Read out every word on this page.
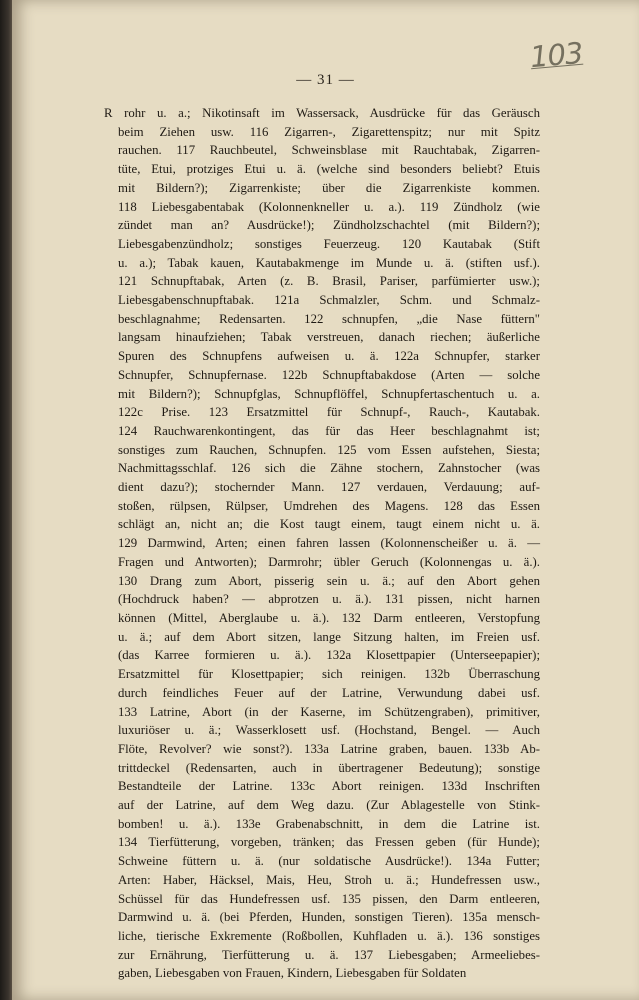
— 31 —
103
R rohr u. a.; Nikotinsaft im Wassersack, Ausdrücke für das Geräusch
beim Ziehen usw. 116 Zigarren-, Zigarettenspitz; nur mit Spitz
rauchen. 117 Rauchbeutel, Schweinsblase mit Rauchtabak, Zigarren-
tüte, Etui, protziges Etui u. ä. (welche sind besonders beliebt? Etuis
mit Bildern?); Zigarrenkiste; über die Zigarrenkiste kommen.
118 Liebesgabentabak (Kolonnenkneller u. a.). 119 Zündholz (wie
zündet man an? Ausdrücke!); Zündholzschachtel (mit Bildern?);
Liebesgabenzündholz; sonstiges Feuerzeug. 120 Kautabak (Stift
u. a.); Tabak kauen, Kautabakmenge im Munde u. ä. (stiften usf.).
121 Schnupftabak, Arten (z. B. Brasil, Pariser, parfümierter usw.);
Liebesgabenschnupftabak. 121a Schmalzler, Schm. und Schmalz-
beschlagnahme; Redensarten. 122 schnupfen, „die Nase füttern"
langsam hinaufziehen; Tabak verstreuen, danach riechen; äußerliche
Spuren des Schnupfens aufweisen u. ä. 122a Schnupfer, starker
Schnupfer, Schnupfernase. 122b Schnupftabakdose (Arten — solche
mit Bildern?); Schnupfglas, Schnupflöffel, Schnupfertaschentuch u. a.
122c Prise. 123 Ersatzmittel für Schnupf-, Rauch-, Kautabak.
124 Rauchwarenkontingent, das für das Heer beschlagnahmt ist;
sonstiges zum Rauchen, Schnupfen. 125 vom Essen aufstehen, Siesta;
Nachmittagsschlaf. 126 sich die Zähne stochern, Zahnstocher (was
dient dazu?); stochernder Mann. 127 verdauen, Verdauung; auf-
stoßen, rülpsen, Rülpser, Umdrehen des Magens. 128 das Essen
schlägt an, nicht an; die Kost taugt einem, taugt einem nicht u. ä.
129 Darmwind, Arten; einen fahren lassen (Kolonnenscheißer u. ä. —
Fragen und Antworten); Darmrohr; übler Geruch (Kolonnengas u. ä.).
130 Drang zum Abort, pisserig sein u. ä.; auf den Abort gehen
(Hochdruck haben? — abprotzen u. ä.). 131 pissen, nicht harnen
können (Mittel, Aberglaube u. ä.). 132 Darm entleeren, Verstopfung
u. ä.; auf dem Abort sitzen, lange Sitzung halten, im Freien usf.
(das Karree formieren u. ä.). 132a Klosettpapier (Unterseepapier);
Ersatzmittel für Klosettpapier; sich reinigen. 132b Überraschung
durch feindliches Feuer auf der Latrine, Verwundung dabei usf.
133 Latrine, Abort (in der Kaserne, im Schützengraben), primitiver,
luxuriöser u. ä.; Wasserklosett usf. (Hochstand, Bengel. — Auch
Flöte, Revolver? wie sonst?). 133a Latrine graben, bauen. 133b Ab-
trittdeckel (Redensarten, auch in übertragener Bedeutung); sonstige
Bestandteile der Latrine. 133c Abort reinigen. 133d Inschriften
auf der Latrine, auf dem Weg dazu. (Zur Ablagestelle von Stink-
bomben! u. ä.). 133e Grabenabschnitt, in dem die Latrine ist.
134 Tierfütterung, vorgeben, tränken; das Fressen geben (für Hunde);
Schweine füttern u. ä. (nur soldatische Ausdrücke!). 134a Futter;
Arten: Haber, Häcksel, Mais, Heu, Stroh u. ä.; Hundefressen usw.,
Schüssel für das Hundefressen usf. 135 pissen, den Darm entleeren,
Darmwind u. ä. (bei Pferden, Hunden, sonstigen Tieren). 135a mensch-
liche, tierische Exkremente (Roßbollen, Kuhfladen u. ä.). 136 sonstiges
zur Ernährung, Tierfütterung u. ä. 137 Liebesgaben; Armeeliebes-
gaben, Liebesgaben von Frauen, Kindern, Liebesgaben für Soldaten
